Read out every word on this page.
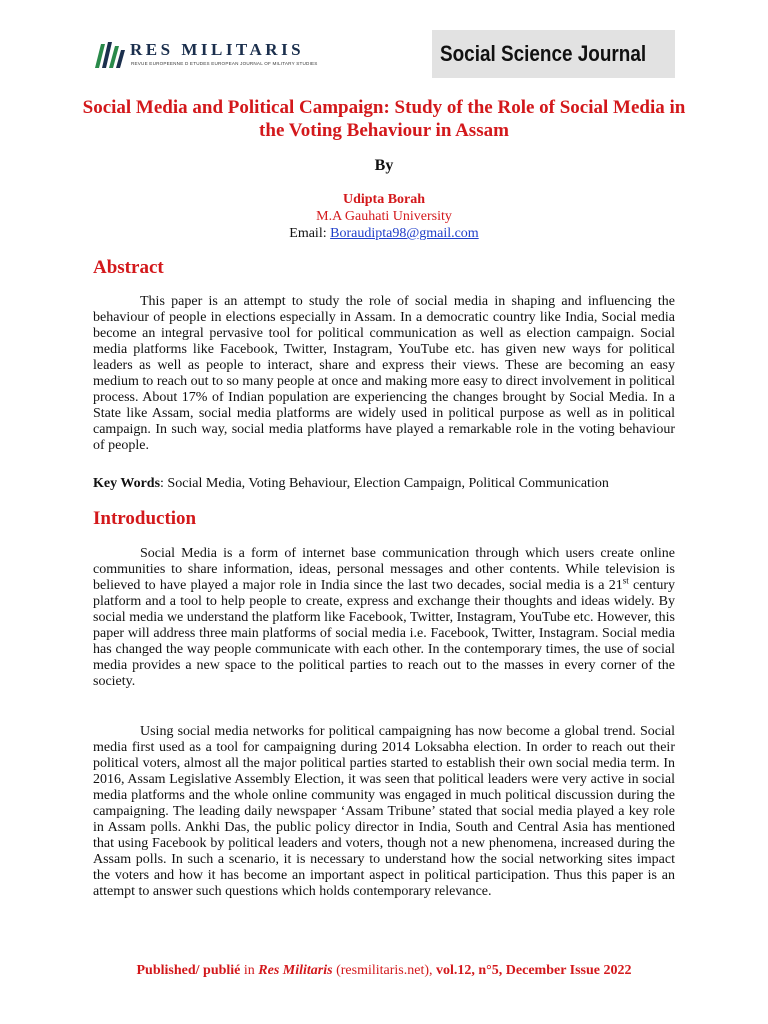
RES MILITARIS
REVUE EUROPEENNE D ETUDES EUROPEAN JOURNAL OF MILITARY STUDIES	Social Science Journal
Social Media and Political Campaign: Study of the Role of Social Media in the Voting Behaviour in Assam
By
Udipta Borah
M.A Gauhati University
Email: Boraudipta98@gmail.com
Abstract

This paper is an attempt to study the role of social media in shaping and influencing the behaviour of people in elections especially in Assam. In a democratic country like India, Social media become an integral pervasive tool for political communication as well as election campaign. Social media platforms like Facebook, Twitter, Instagram, YouTube etc. has given new ways for political leaders as well as people to interact, share and express their views. These are becoming an easy medium to reach out to so many people at once and making more easy to direct involvement in political process. About 17% of Indian population are experiencing the changes brought by Social Media. In a State like Assam, social media platforms are widely used in political purpose as well as in political campaign. In such way, social media platforms have played a remarkable role in the voting behaviour of people.

Key Words: Social Media, Voting Behaviour, Election Campaign, Political Communication
Introduction

Social Media is a form of internet base communication through which users create online communities to share information, ideas, personal messages and other contents. While television is believed to have played a major role in India since the last two decades, social media is a 21st century platform and a tool to help people to create, express and exchange their thoughts and ideas widely. By social media we understand the platform like Facebook, Twitter, Instagram, YouTube etc. However, this paper will address three main platforms of social media i.e. Facebook, Twitter, Instagram. Social media has changed the way people communicate with each other. In the contemporary times, the use of social media provides a new space to the political parties to reach out to the masses in every corner of the society.

Using social media networks for political campaigning has now become a global trend. Social media first used as a tool for campaigning during 2014 Loksabha election. In order to reach out their political voters, almost all the major political parties started to establish their own social media term. In 2016, Assam Legislative Assembly Election, it was seen that political leaders were very active in social media platforms and the whole online community was engaged in much political discussion during the campaigning. The leading daily newspaper ‘Assam Tribune’ stated that social media played a key role in Assam polls. Ankhi Das, the public policy director in India, South and Central Asia has mentioned that using Facebook by political leaders and voters, though not a new phenomena, increased during the Assam polls. In such a scenario, it is necessary to understand how the social networking sites impact the voters and how it has become an important aspect in political participation. Thus this paper is an attempt to answer such questions which holds contemporary relevance.

Published/ publié in Res Militaris (resmilitaris.net), vol.12, n°5, December Issue 2022
